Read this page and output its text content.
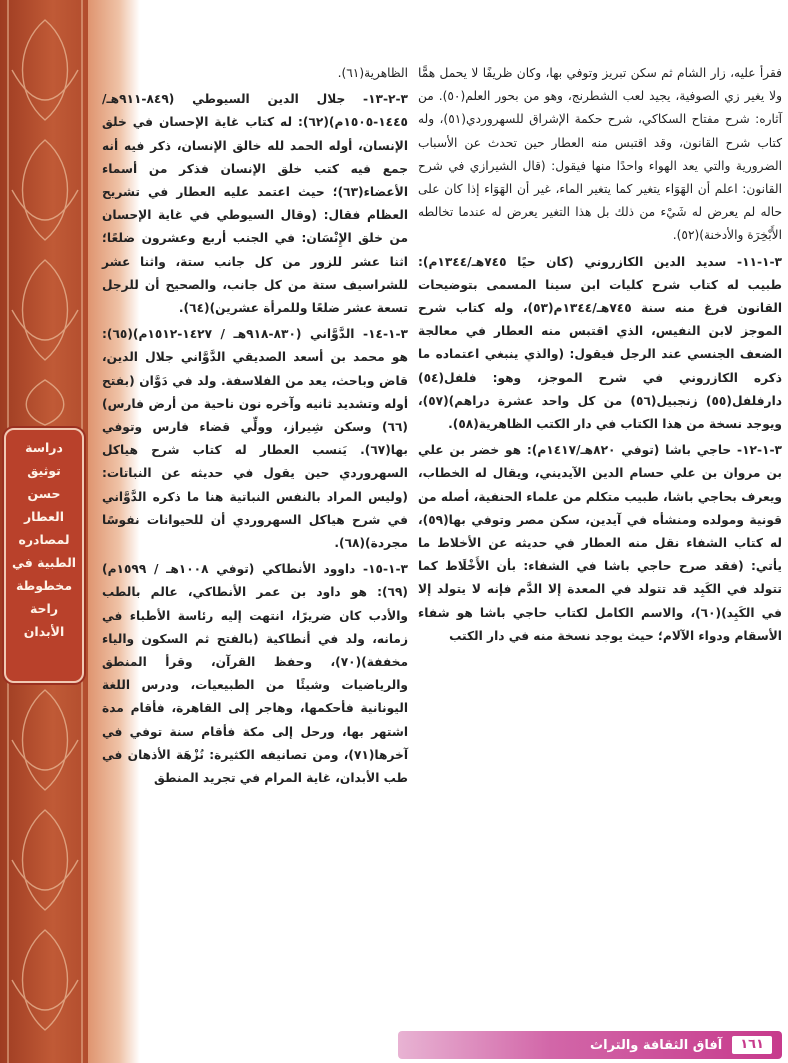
دراسة توثيق حسن العطار لمصادره الطبية في مخطوطة راحة الأبدان

فقرأ عليه، زار الشام ثم سكن تبريز وتوفي بها، وكان ظريفًا لا يحمل همًّا ولا يغير زي الصوفية، يجيد لعب الشطرنج، وهو من بحور العلم(٥٠). من آثاره: شرح مفتاح السكاكي، شرح حكمة الإشراق للسهروردي(٥١)، وله كتاب شرح القانون، وقد اقتبس منه العطار حين تحدث عن الأسباب الضرورية والتي يعد الهواء واحدًا منها فيقول: (قال الشيرازي في شرح القانون: اعلم أن الهَوَاء يتغير كما يتغير الماء، غير أن الهَوَاء إذا كان على حاله لم يعرض له شَيْء من ذلك بل هذا التغير يعرض له عندما تخالطه الأَبْخِرَة والأدخنة)(٥٢).

٣-١-١١- سديد الدين الكازروني (كان حيًا ٧٤٥هـ/١٣٤٤م): طبيب له كتاب شرح كليات ابن سينا المسمى بتوضيحات القانون فرغ منه سنة ٧٤٥هـ/١٣٤٤م(٥٣)، وله كتاب شرح الموجز لابن النفيس، الذي اقتبس منه العطار في معالجة الضعف الجنسي عند الرجل فيقول: (والذي ينبغي اعتماده ما ذكره الكازروني في شرح الموجز، وهو: فلفل(٥٤) دارفلفل(٥٥) زنجبيل(٥٦) من كل واحد عشرة دراهم)(٥٧)، ويوجد نسخة من هذا الكتاب في دار الكتب الظاهرية(٥٨).

٣-١-١٢- حاجي باشا (توفي ٨٢٠هـ/١٤١٧م): هو خضر بن علي بن مروان بن علي حسام الدين الآيديني، ويقال له الخطاب، ويعرف بحاجي باشا، طبيب متكلم من علماء الحنفية، أصله من قونية ومولده ومنشأه في آيدين، سكن مصر وتوفي بها(٥٩)، له كتاب الشفاء نقل منه العطار في حديثه عن الأخلاط ما يأتي: (فقد صرح حاجي باشا في الشفاء: بأن الأَخْلَاط كما تتولد في الكَبِد قد تتولد في المعدة إلا الدَّم فإنه لا يتولد إلا في الكَبِد)(٦٠)، والاسم الكامل لكتاب حاجي باشا هو شفاء الأسقام ودواء الآلام؛ حيث يوجد نسخة منه في دار الكتب

الظاهرية(٦١).

٣-٢-١٣- جلال الدين السيوطي (٨٤٩-٩١١هـ/١٤٤٥-١٥٠٥م)(٦٢): له كتاب غاية الإحسان في خلق الإنسان، أوله الحمد لله خالق الإنسان، ذكر فيه أنه جمع فيه كتب خلق الإنسان فذكر من أسماء الأعضاء(٦٣)؛ حيث اعتمد عليه العطار في تشريح العظام فقال: (وقال السيوطي في غاية الإحسان من خلق الإِنْسَان: في الجنب أربع وعشرون ضلعًا؛ اثنا عشر للزور من كل جانب ستة، واثنا عشر للشراسيف ستة من كل جانب، والصحيح أن للرجل تسعة عشر ضلعًا وللمرأة عشرين)(٦٤).

٣-١-١٤- الدَّوَّاني (٨٣٠-٩١٨هـ / ١٤٢٧-١٥١٢م)(٦٥): هو محمد بن أسعد الصديقي الدَّوَّاني جلال الدين، قاض وباحث، يعد من الفلاسفة. ولد في دَوَّان (بفتح أوله وتشديد ثانيه وآخره نون ناحية من أرض فارس)(٦٦) وسكن شِيراز، وولِّي قضاء فارس وتوفي بها(٦٧). يَنسب العطار له كتاب شرح هياكل السهروردي حين يقول في حديثه عن النباتات: (وليس المراد بالنفس النباتية هنا ما ذكره الدَّوَّاني في شرح هياكل السهروردي أن للحيوانات نفوسًا مجردة)(٦٨).

٣-١-١٥- داوود الأنطاكي (توفي ١٠٠٨هـ / ١٥٩٩م)(٦٩): هو داود بن عمر الأنطاكي، عالم بالطب والأدب كان ضريرًا، انتهت إليه رئاسة الأطباء في زمانه، ولد في أنطاكية (بالفتح ثم السكون والياء مخففة)(٧٠)، وحفظ القرآن، وقرأ المنطق والرياضيات وشيئًا من الطبيعيات، ودرس اللغة اليونانية فأحكمها، وهاجر إلى القاهرة، فأقام مدة اشتهر بها، ورحل إلى مكة فأقام سنة توفي في آخرها(٧١)، ومن تصانيفه الكثيرة: نُزْهَة الأذهان في طب الأبدان، غاية المرام في تجريد المنطق

١٦١
آفاق الثقافة والتراث
